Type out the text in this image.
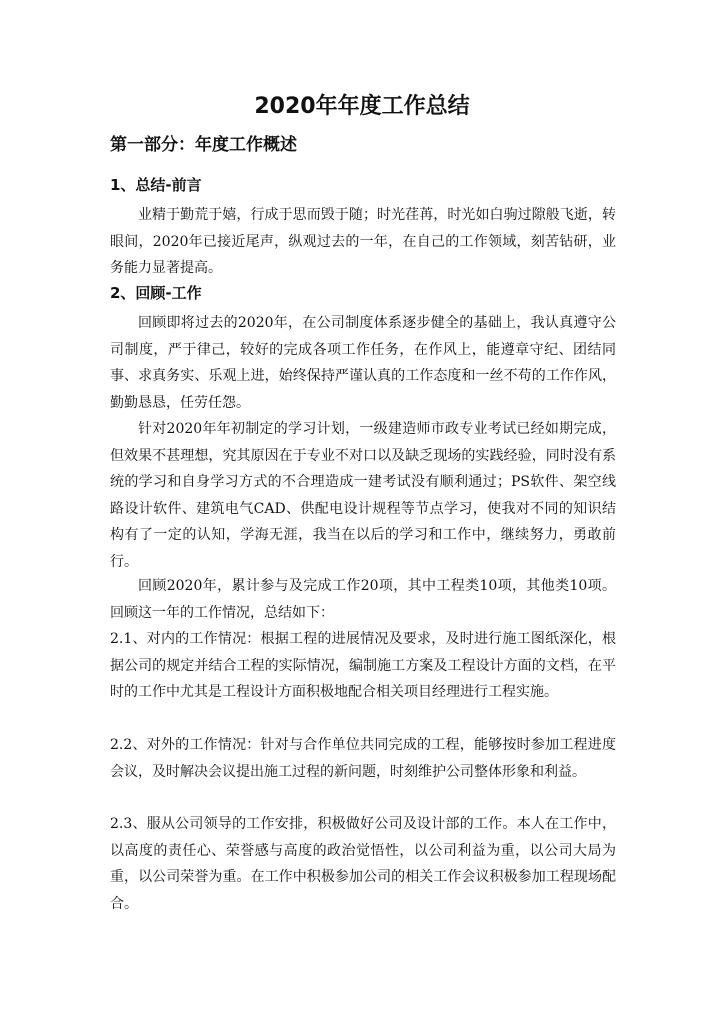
2020年年度工作总结
第一部分：年度工作概述
1、总结-前言

业精于勤荒于嬉，行成于思而毁于随；时光荏苒，时光如白驹过隙般飞逝，转眼间，2020年已接近尾声，纵观过去的一年，在自己的工作领域，刻苦钻研，业务能力显著提高。

2、回顾-工作

回顾即将过去的2020年，在公司制度体系逐步健全的基础上，我认真遵守公司制度，严于律己，较好的完成各项工作任务，在作风上，能遵章守纪、团结同事、求真务实、乐观上进，始终保持严谨认真的工作态度和一丝不苟的工作作风，勤勤恳恳，任劳任怨。

针对2020年年初制定的学习计划，一级建造师市政专业考试已经如期完成，但效果不甚理想，究其原因在于专业不对口以及缺乏现场的实践经验，同时没有系统的学习和自身学习方式的不合理造成一建考试没有顺利通过；PS软件、架空线路设计软件、建筑电气CAD、供配电设计规程等节点学习，使我对不同的知识结构有了一定的认知，学海无涯，我当在以后的学习和工作中，继续努力，勇敢前行。

回顾2020年，累计参与及完成工作20项，其中工程类10项，其他类10项。回顾这一年的工作情况，总结如下：

2.1、对内的工作情况：根据工程的进展情况及要求，及时进行施工图纸深化，根据公司的规定并结合工程的实际情况，编制施工方案及工程设计方面的文档，在平时的工作中尤其是工程设计方面积极地配合相关项目经理进行工程实施。

2.2、对外的工作情况：针对与合作单位共同完成的工程，能够按时参加工程进度会议，及时解决会议提出施工过程的新问题，时刻维护公司整体形象和利益。

2.3、服从公司领导的工作安排，积极做好公司及设计部的工作。本人在工作中，以高度的责任心、荣誉感与高度的政治觉悟性，以公司利益为重，以公司大局为重，以公司荣誉为重。在工作中积极参加公司的相关工作会议积极参加工程现场配合。
